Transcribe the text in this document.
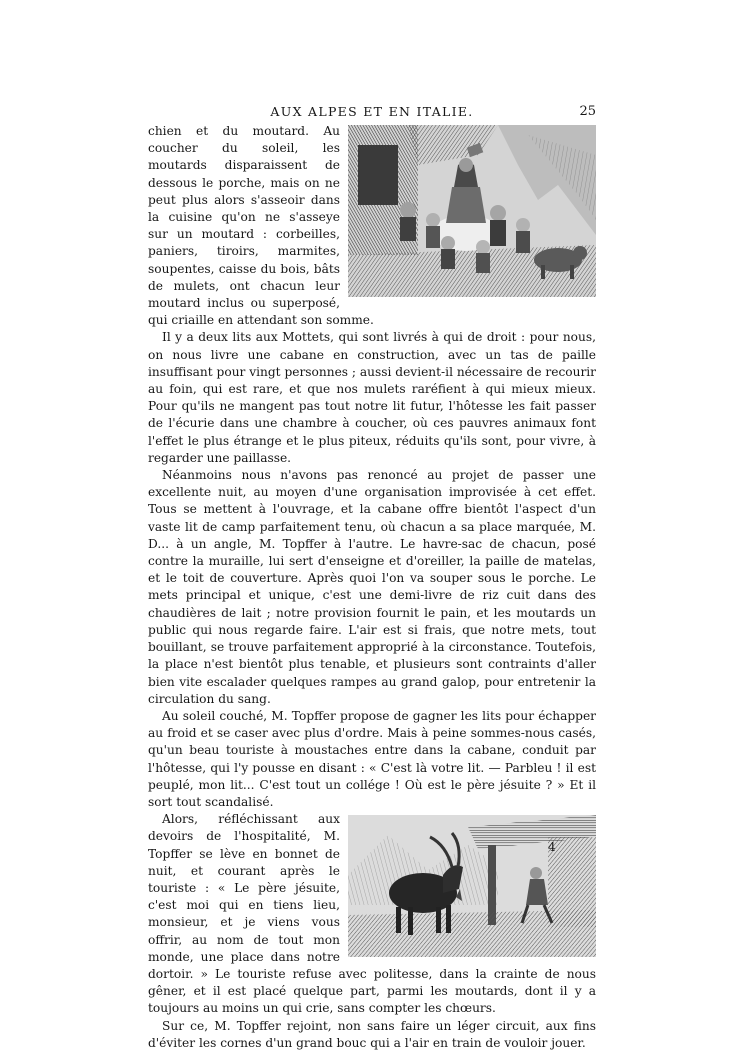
AUX ALPES ET EN ITALIE.	25

chien et du moutard. Au coucher du soleil, les moutards disparaissent de dessous le porche, mais on ne peut plus alors s'asseoir dans la cuisine qu'on ne s'asseye sur un moutard : corbeilles, paniers, tiroirs, marmites, soupentes, caisse du bois, bâts de mulets, ont chacun leur moutard inclus ou superposé, qui criaille en attendant son somme.

Il y a deux lits aux Mottets, qui sont livrés à qui de droit : pour nous, on nous livre une cabane en construction, avec un tas de paille insuffisant pour vingt personnes ; aussi devient-il nécessaire de recourir au foin, qui est rare, et que nos mulets raréfient à qui mieux mieux. Pour qu'ils ne mangent pas tout notre lit futur, l'hôtesse les fait passer de l'écurie dans une chambre à coucher, où ces pauvres animaux font l'effet le plus étrange et le plus piteux, réduits qu'ils sont, pour vivre, à regarder une paillasse.

Néanmoins nous n'avons pas renoncé au projet de passer une excellente nuit, au moyen d'une organisation improvisée à cet effet. Tous se mettent à l'ouvrage, et la cabane offre bientôt l'aspect d'un vaste lit de camp parfaitement tenu, où chacun a sa place marquée, M. D... à un angle, M. Topffer à l'autre. Le havre-sac de chacun, posé contre la muraille, lui sert d'enseigne et d'oreiller, la paille de matelas, et le toit de couverture. Après quoi l'on va souper sous le porche. Le mets principal et unique, c'est une demi-livre de riz cuit dans des chaudières de lait ; notre provision fournit le pain, et les moutards un public qui nous regarde faire. L'air est si frais, que notre mets, tout bouillant, se trouve parfaitement approprié à la circonstance. Toutefois, la place n'est bientôt plus tenable, et plusieurs sont contraints d'aller bien vite escalader quelques rampes au grand galop, pour entretenir la circulation du sang.

Au soleil couché, M. Topffer propose de gagner les lits pour échapper au froid et se caser avec plus d'ordre. Mais à peine sommes-nous casés, qu'un beau touriste à moustaches entre dans la cabane, conduit par l'hôtesse, qui l'y pousse en disant : « C'est là votre lit. — Parbleu ! il est peuplé, mon lit... C'est tout un collége ! Où est le père jésuite ? » Et il sort tout scandalisé.

Alors, réfléchissant aux devoirs de l'hospitalité, M. Topffer se lève en bonnet de nuit, et courant après le touriste : « Le père jésuite, c'est moi qui en tiens lieu, monsieur, et je viens vous offrir, au nom de tout mon monde, une place dans notre dortoir. » Le touriste refuse avec politesse, dans la crainte de nous gêner, et il est placé quelque part, parmi les moutards, dont il y a toujours au moins un qui crie, sans compter les chœurs.

Sur ce, M. Topffer rejoint, non sans faire un léger circuit, aux fins d'éviter les cornes d'un grand bouc qui a l'air en train de vouloir jouer.

4
